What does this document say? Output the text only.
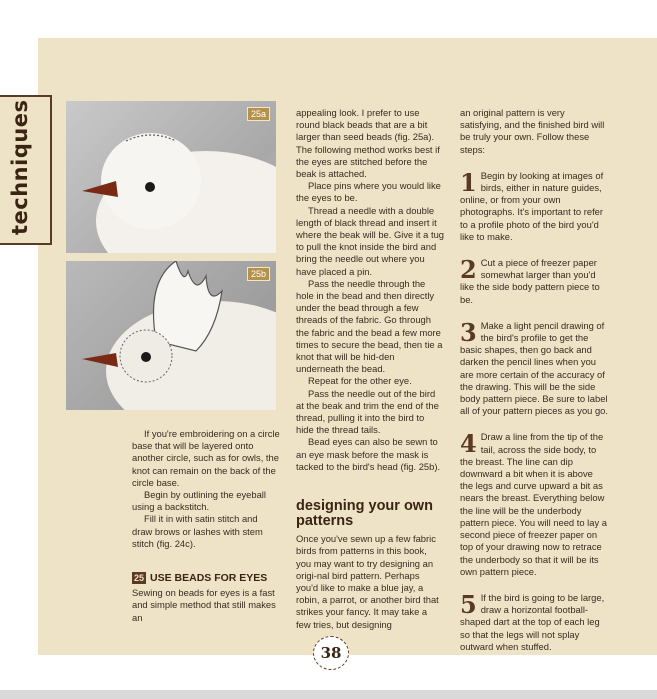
techniques	25a
25b

If you're embroidering on a circle base that will be layered onto another circle, such as for owls, the knot can remain on the back of the circle base.

Begin by outlining the eyeball using a backstitch.

Fill it in with satin stitch and draw brows or lashes with stem stitch (fig. 24c).

25 USE BEADS FOR EYES

Sewing on beads for eyes is a fast and simple method that still makes an

appealing look. I prefer to use round black beads that are a bit larger than seed beads (fig. 25a). The following method works best if the eyes are stitched before the beak is attached.

Place pins where you would like the eyes to be.

Thread a needle with a double length of black thread and insert it where the beak will be. Give it a tug to pull the knot inside the bird and bring the needle out where you have placed a pin.

Pass the needle through the hole in the bead and then directly under the bead through a few threads of the fabric. Go through the fabric and the bead a few more times to secure the bead, then tie a knot that will be hid-den underneath the bead.

Repeat for the other eye.

Pass the needle out of the bird at the beak and trim the end of the thread, pulling it into the bird to hide the thread tails.

Bead eyes can also be sewn to an eye mask before the mask is tacked to the bird's head (fig. 25b).

designing your own patterns

Once you've sewn up a few fabric birds from patterns in this book, you may want to try designing an origi-nal bird pattern. Perhaps you'd like to make a blue jay, a robin, a parrot, or another bird that strikes your fancy. It may take a few tries, but designing

an original pattern is very satisfying, and the finished bird will be truly your own. Follow these steps:

1 Begin by looking at images of birds, either in nature guides, online, or from your own photographs. It's important to refer to a profile photo of the bird you'd like to make.

2 Cut a piece of freezer paper somewhat larger than you'd like the side body pattern piece to be.

3 Make a light pencil drawing of the bird's profile to get the basic shapes, then go back and darken the pencil lines when you are more certain of the accuracy of the drawing. This will be the side body pattern piece. Be sure to label all of your pattern pieces as you go.

4 Draw a line from the tip of the tail, across the side body, to the breast. The line can dip downward a bit when it is above the legs and curve upward a bit as nears the breast. Everything below the line will be the underbody pattern piece. You will need to lay a second piece of freezer paper on top of your drawing now to retrace the underbody so that it will be its own pattern piece.

5 If the bird is going to be large, draw a horizontal football-shaped dart at the top of each leg so that the legs will not splay outward when stuffed.

38
